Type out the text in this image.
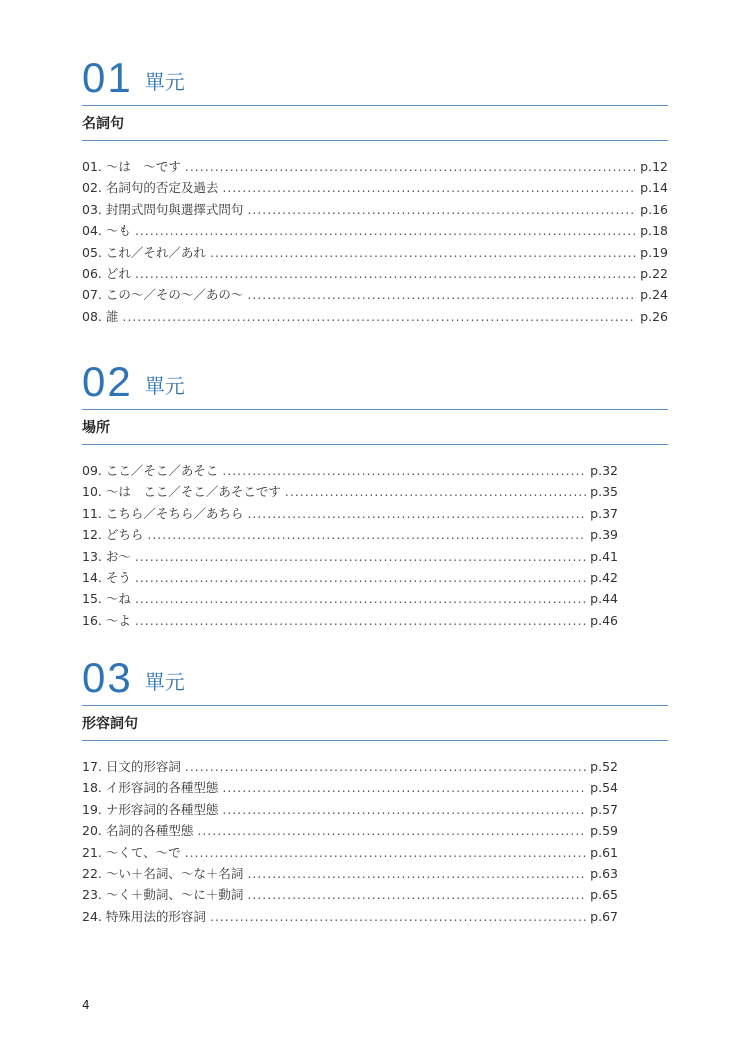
01 單元
名詞句
01. ～は　～です .....	p.12
02. 名詞句的否定及過去 .....	p.14
03. 封閉式問句與選擇式問句 .....	p.16
04. ～も .....	p.18
05. これ／それ／あれ .....	p.19
06. どれ .....	p.22
07. この～／その～／あの～ .....	p.24
08. 誰 .....	p.26
02 單元
場所
09. ここ／そこ／あそこ .....	p.32
10. ～は　ここ／そこ／あそこです .....	p.35
11. こちら／そちら／あちら .....	p.37
12. どちら .....	p.39
13. お～ .....	p.41
14. そう .....	p.42
15. ～ね .....	p.44
16. ～よ .....	p.46
03 單元
形容詞句
17. 日文的形容詞 .....	p.52
18. イ形容詞的各種型態 .....	p.54
19. ナ形容詞的各種型態 .....	p.57
20. 名詞的各種型態 .....	p.59
21. ～くて、～で .....	p.61
22. ～い＋名詞、～な＋名詞 .....	p.63
23. ～く＋動詞、～に＋動詞 .....	p.65
24. 特殊用法的形容詞 .....	p.67
4
